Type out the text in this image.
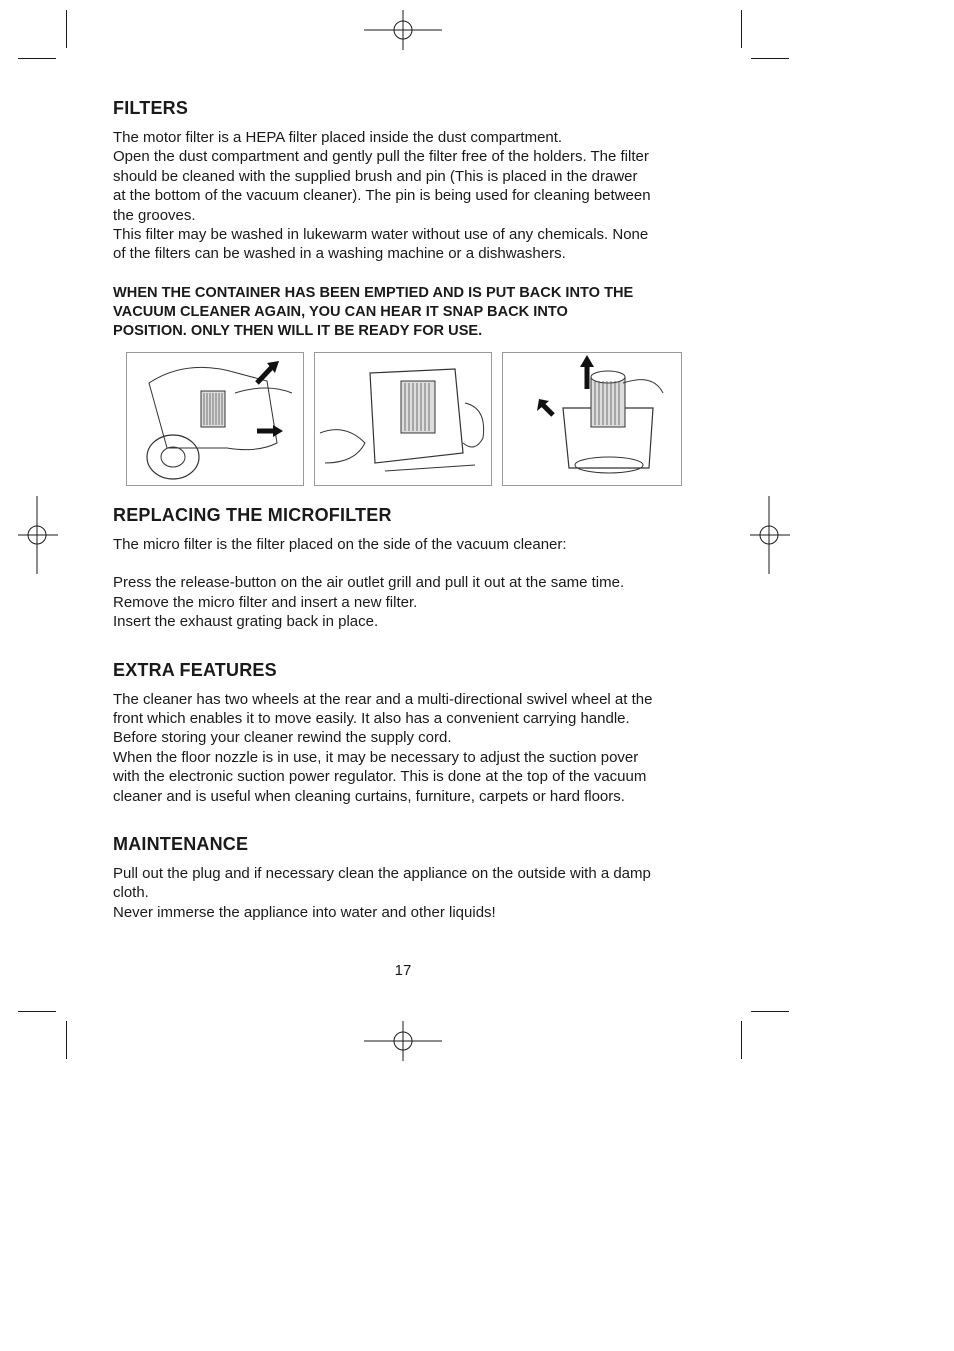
FILTERS

The motor filter is a HEPA filter placed inside the dust compartment.

Open the dust compartment and gently pull the filter free of the holders. The filter

should be cleaned with the supplied brush and pin (This is placed in the drawer

at the bottom of the vacuum cleaner). The pin is being used for cleaning between

the grooves.

This filter may be washed in lukewarm water without use of any chemicals. None

of the filters can be washed in a washing machine or a dishwashers.

WHEN THE CONTAINER HAS BEEN EMPTIED AND IS PUT BACK INTO THE

VACUUM CLEANER AGAIN, YOU CAN HEAR IT SNAP BACK INTO

POSITION. ONLY THEN WILL IT BE READY FOR USE.

REPLACING THE MICROFILTER

The micro filter is the filter placed on the side of the vacuum cleaner:

Press the release-button on the air outlet grill and pull it out at the same time.

Remove the micro filter and insert a new filter.

Insert the exhaust grating back in place.

EXTRA FEATURES

The cleaner has two wheels at the rear and a multi-directional swivel wheel at the

front which enables it to move easily. It also has a convenient carrying handle.

Before storing your cleaner rewind the supply cord.

When the floor nozzle is in use, it may be necessary to adjust the suction pover

with the electronic suction power regulator. This is done at the top of the vacuum

cleaner and is useful when cleaning curtains, furniture, carpets or hard floors.

MAINTENANCE

Pull out the plug and if necessary clean the appliance on the outside with a damp

cloth.

Never immerse the appliance into water and other liquids!

17
